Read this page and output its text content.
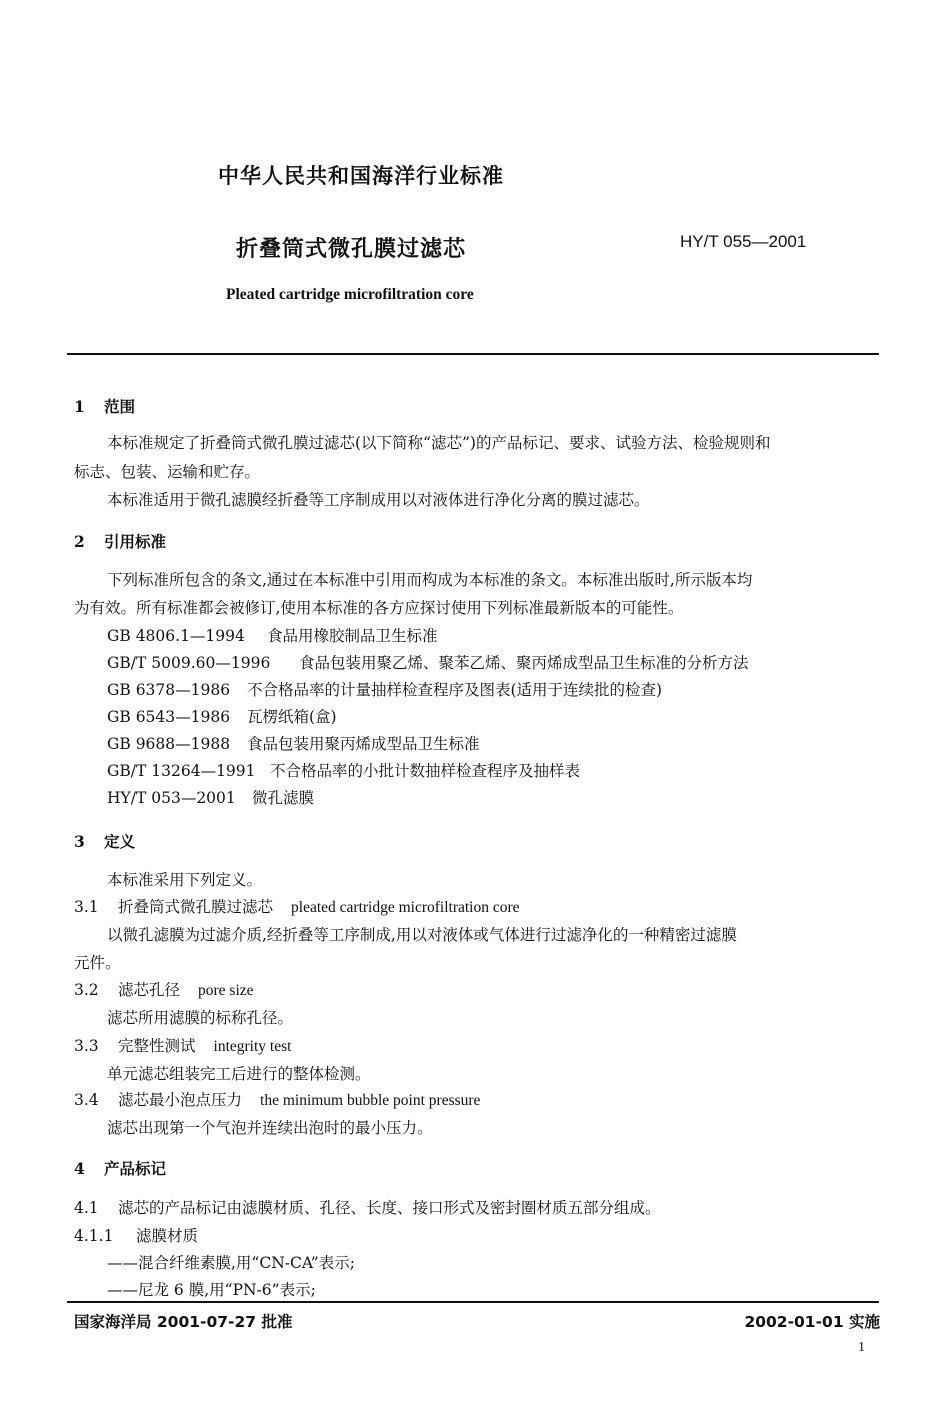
中华人民共和国海洋行业标准
折叠筒式微孔膜过滤芯	HY/T 055—2001
Pleated cartridge microfiltration core
1 范围
本标准规定了折叠筒式微孔膜过滤芯(以下简称“滤芯”)的产品标记、要求、试验方法、检验规则和
标志、包装、运输和贮存。
本标准适用于微孔滤膜经折叠等工序制成用以对液体进行净化分离的膜过滤芯。
2 引用标准
下列标准所包含的条文,通过在本标准中引用而构成为本标准的条文。本标准出版时,所示版本均
为有效。所有标准都会被修订,使用本标准的各方应探讨使用下列标准最新版本的可能性。
GB 4806.1—1994 食品用橡胶制品卫生标准
GB/T 5009.60—1996 食品包装用聚乙烯、聚苯乙烯、聚丙烯成型品卫生标准的分析方法
GB 6378—1986 不合格品率的计量抽样检查程序及图表(适用于连续批的检查)
GB 6543—1986 瓦楞纸箱(盒)
GB 9688—1988 食品包装用聚丙烯成型品卫生标准
GB/T 13264—1991 不合格品率的小批计数抽样检查程序及抽样表
HY/T 053—2001 微孔滤膜
3 定义
本标准采用下列定义。
3.1 折叠筒式微孔膜过滤芯 pleated cartridge microfiltration core
以微孔滤膜为过滤介质,经折叠等工序制成,用以对液体或气体进行过滤净化的一种精密过滤膜
元件。
3.2 滤芯孔径 pore size
滤芯所用滤膜的标称孔径。
3.3 完整性测试 integrity test
单元滤芯组装完工后进行的整体检测。
3.4 滤芯最小泡点压力 the minimum bubble point pressure
滤芯出现第一个气泡并连续出泡时的最小压力。
4 产品标记
4.1 滤芯的产品标记由滤膜材质、孔径、长度、接口形式及密封圈材质五部分组成。
4.1.1 滤膜材质
——混合纤维素膜,用“CN-CA”表示;
——尼龙 6 膜,用“PN-6”表示;
国家海洋局 2001-07-27 批准	2002-01-01 实施
1
